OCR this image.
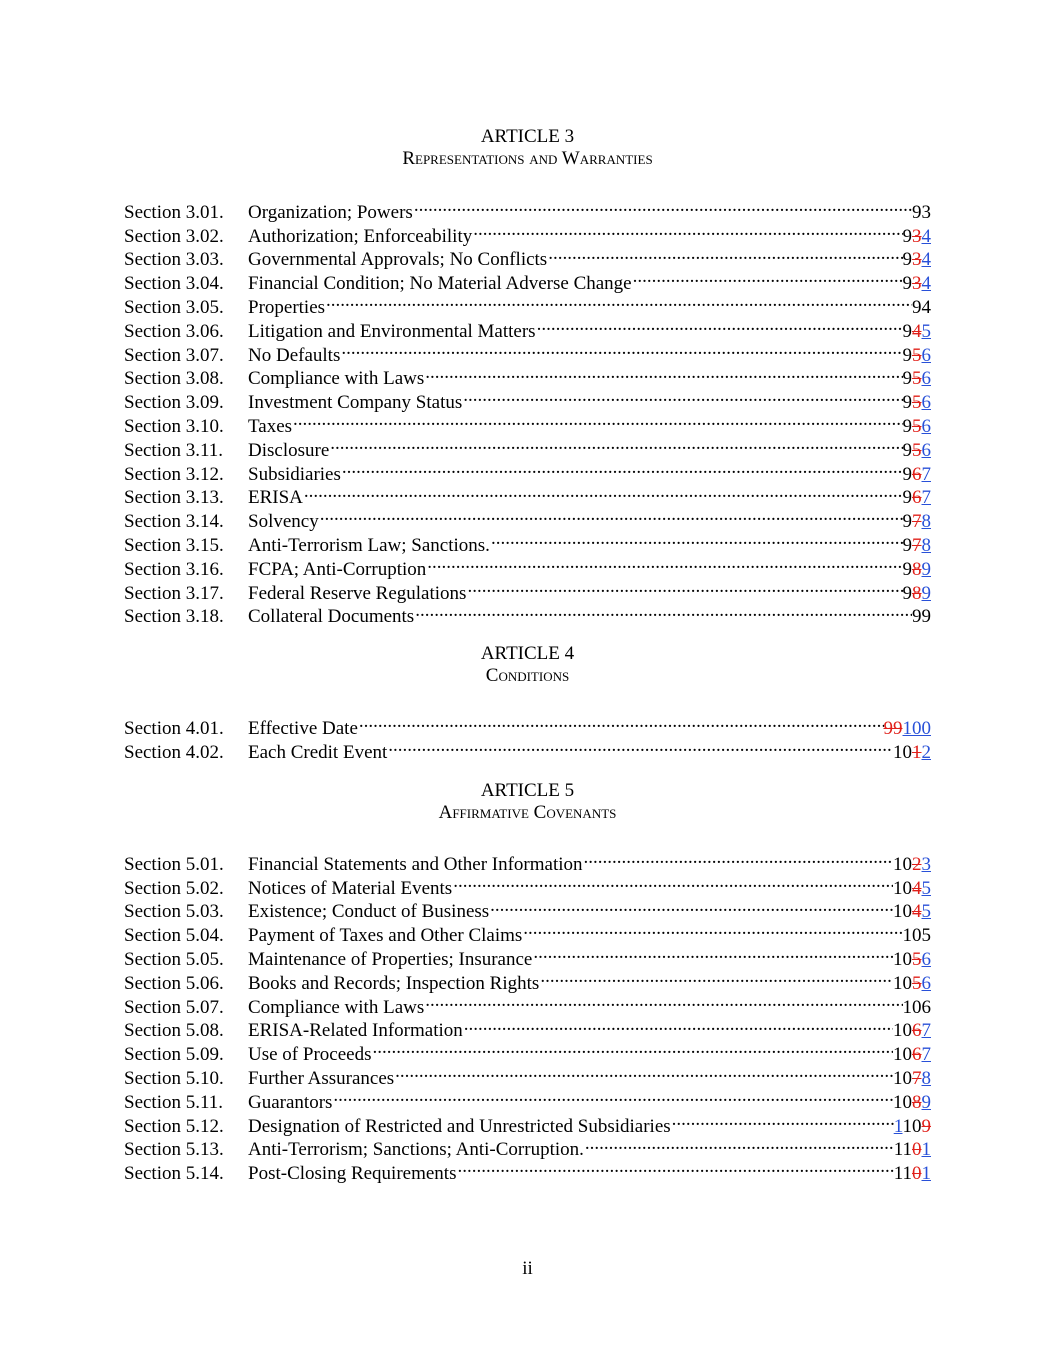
ARTICLE 3
Representations and Warranties
Section 3.01.	Organization; Powers .....	93
Section 3.02.	Authorization; Enforceability .....	934
Section 3.03.	Governmental Approvals; No Conflicts .....	934
Section 3.04.	Financial Condition; No Material Adverse Change .....	934
Section 3.05.	Properties .....	94
Section 3.06.	Litigation and Environmental Matters .....	945
Section 3.07.	No Defaults .....	956
Section 3.08.	Compliance with Laws .....	956
Section 3.09.	Investment Company Status .....	956
Section 3.10.	Taxes .....	956
Section 3.11.	Disclosure .....	956
Section 3.12.	Subsidiaries .....	967
Section 3.13.	ERISA .....	967
Section 3.14.	Solvency .....	978
Section 3.15.	Anti-Terrorism Law; Sanctions. .....	978
Section 3.16.	FCPA; Anti-Corruption .....	989
Section 3.17.	Federal Reserve Regulations .....	989
Section 3.18.	Collateral Documents .....	99
ARTICLE 4
Conditions
Section 4.01.	Effective Date .....	99100
Section 4.02.	Each Credit Event .....	1012
ARTICLE 5
Affirmative Covenants
Section 5.01.	Financial Statements and Other Information .....	1023
Section 5.02.	Notices of Material Events .....	1045
Section 5.03.	Existence; Conduct of Business .....	1045
Section 5.04.	Payment of Taxes and Other Claims .....	105
Section 5.05.	Maintenance of Properties; Insurance .....	1056
Section 5.06.	Books and Records; Inspection Rights .....	1056
Section 5.07.	Compliance with Laws .....	106
Section 5.08.	ERISA-Related Information .....	1067
Section 5.09.	Use of Proceeds .....	1067
Section 5.10.	Further Assurances .....	1078
Section 5.11.	Guarantors .....	1089
Section 5.12.	Designation of Restricted and Unrestricted Subsidiaries .....	1109
Section 5.13.	Anti-Terrorism; Sanctions; Anti-Corruption. .....	1101
Section 5.14.	Post-Closing Requirements .....	1101
ii
